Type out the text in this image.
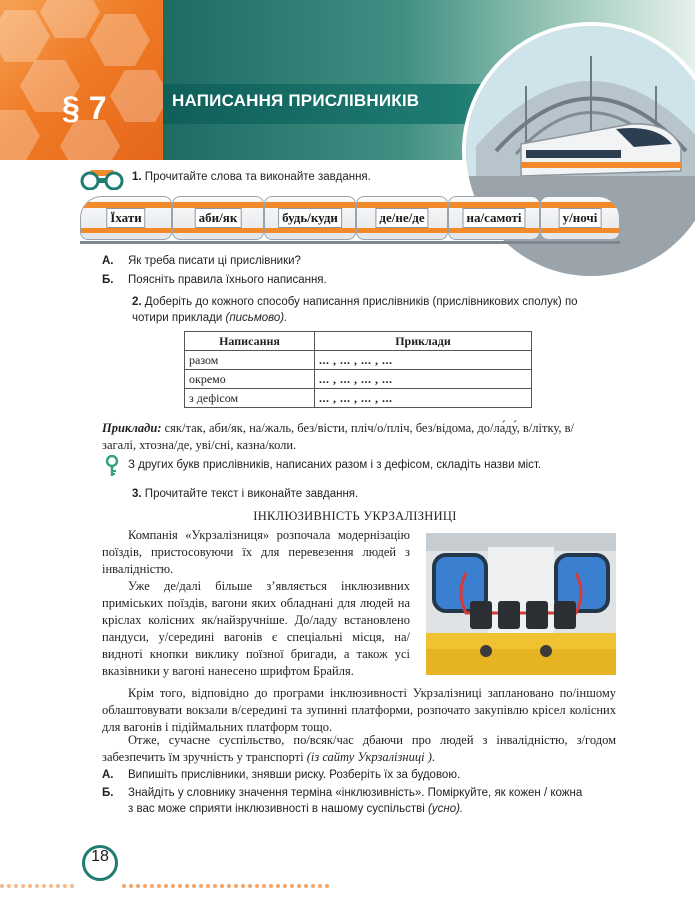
§ 7	НАПИСАННЯ ПРИСЛІВНИКІВ
1. Прочитайте слова та виконайте завдання.
Їхати	аби/як	будь/куди	де/не/де	на/самоті	у/ночі
А. Як треба писати ці прислівники?
Б. Поясніть правила їхнього написання.
2. Доберіть до кожного способу написання прислівників (прислівникових сполук) по чотири приклади (письмово).
Написання	Приклади
разом	... , ... , ... , ...
окремо	... , ... , ... , ...
з дефісом	... , ... , ... , ...
Приклади: сяк/так, аби/як, на/жаль, без/вісти, пліч/о/пліч, без/відома, до/ла́ду́, в/літку, в/загалі, хтозна/де, уві/сні, казна/коли.
З других букв прислівників, написаних разом і з дефісом, складіть назви міст.
3. Прочитайте текст і виконайте завдання.
ІНКЛЮЗИВНІСТЬ УКРЗАЛІЗНИЦІ
Компанія «Укрзалізниця» розпочала модернізацію поїздів, пристосовуючи їх для перевезення людей з інвалідністю.
Уже де/далі більше з’являється інклюзивних приміських поїздів, вагони яких обладнані для людей на кріслах колісних як/найзручніше. До/ладу встановлено пандуси, у/середині вагонів є спеціальні місця, на/видноті кнопки виклику поїзної бригади, а також усі вказівники у вагоні нанесено шрифтом Брайля.
Крім того, відповідно до програми інклюзивності Укрзалізниці заплановано по/іншому облаштовувати вокзали в/середині та зупинні платформи, розпочато закупівлю крісел колісних для вагонів і підіймальних платформ тощо.
Отже, сучасне суспільство, по/всяк/час дбаючи про людей з інвалідністю, з/годом забезпечить їм зручність у транспорті (із сайту Укрзалізниці ).
А. Випишіть прислівники, знявши риску. Розберіть їх за будовою.
Б. Знайдіть у словнику значення терміна «інклюзивність». Поміркуйте, як кожен / кожна з вас може сприяти інклюзивності в нашому суспільстві (усно).
18
